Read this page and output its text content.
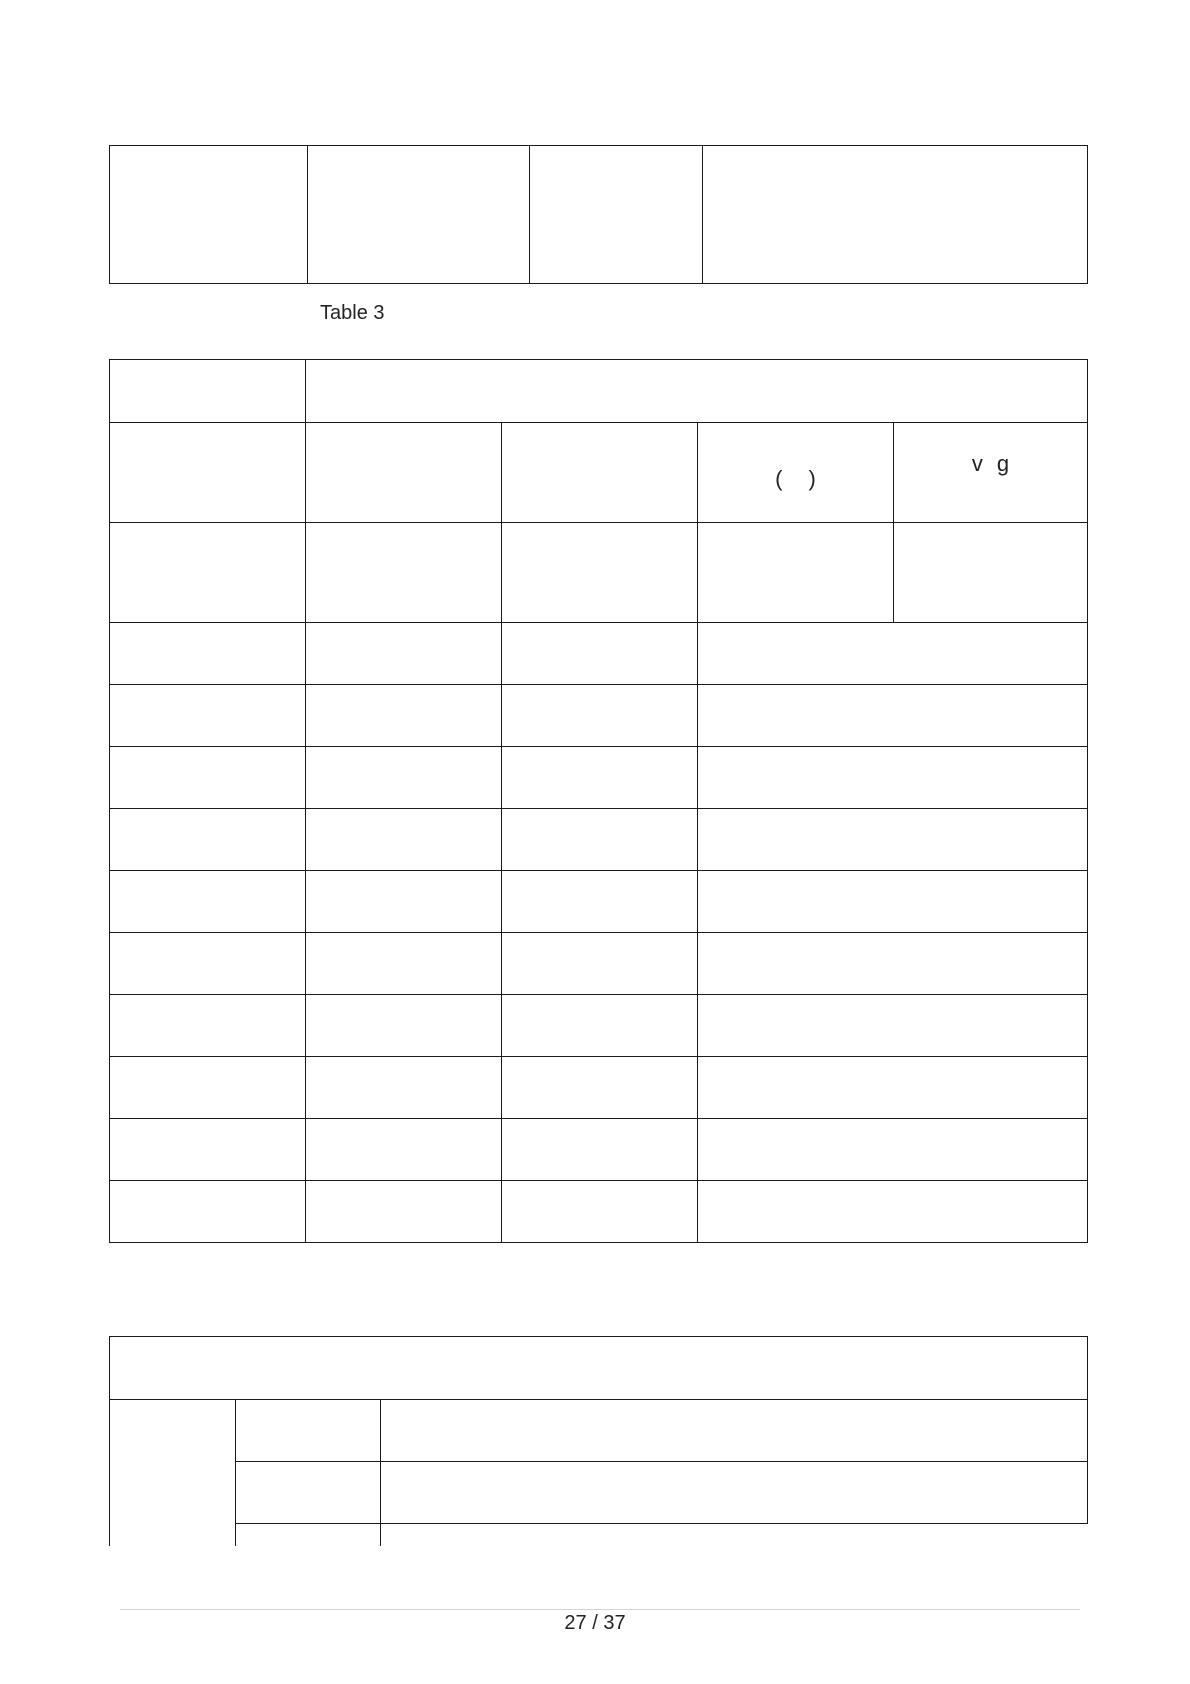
Table 3

			( )	v g

27 / 37
